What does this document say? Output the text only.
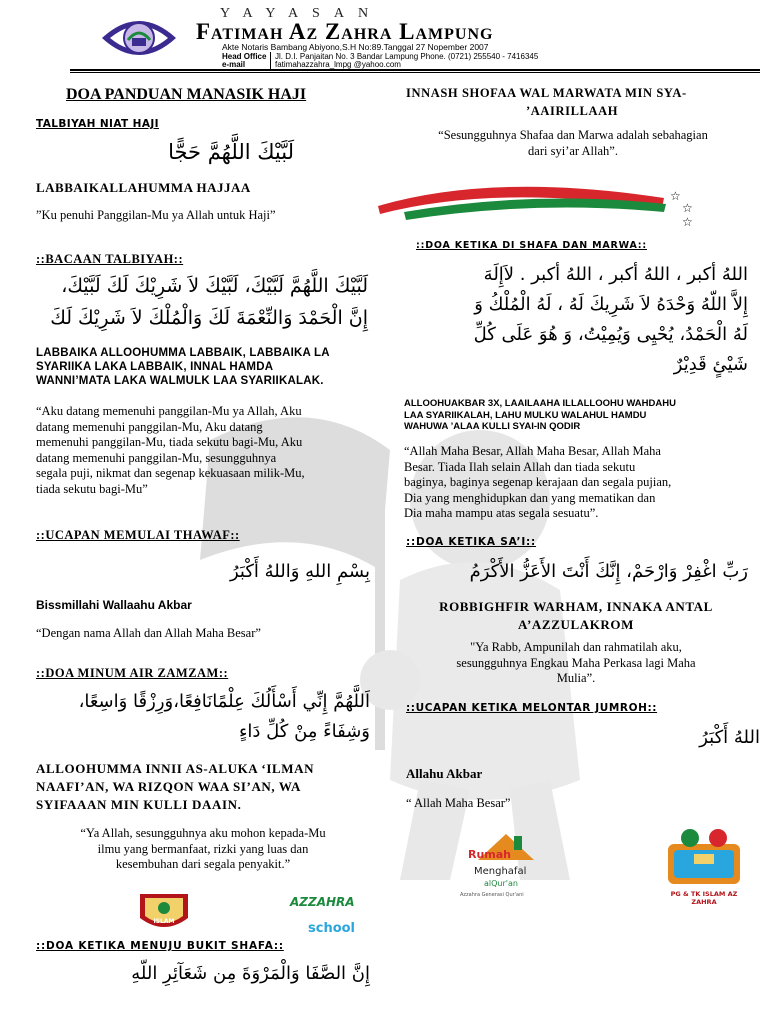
YAYASAN
Fatimah Az Zahra Lampung
Akte Notaris Bambang Abiyono,S.H No:89.Tanggal 27 Nopember 2007
Head Office Jl. D.I. Panjaitan No. 3 Bandar Lampung Phone. (0721) 255540 - 7416345
e-mail	fatimahazzahra_lmpg @yahoo.com
DOA PANDUAN MANASIK HAJI
TALBIYAH NIAT HAJI
لَبَّيْكَ اللَّهُمَّ حَجًّا
LABBAIKALLAHUMMA HAJJAA
”Ku penuhi Panggilan-Mu ya Allah untuk Haji”
::BACAAN TALBIYAH::
لَبَّيْكَ اللَّهُمَّ لَبَّيْكَ، لَبَّيْكَ لاَ شَرِيْكَ لَكَ لَبَّيْكَ،
إِنَّ الْحَمْدَ وَالنِّعْمَةَ لَكَ وَالْمُلْكَ لاَ شَرِيْكَ لَكَ
LABBAIKA ALLOOHUMMA LABBAIK, LABBAIKA LA
SYARIIKA LAKA LABBAIK, INNAL HAMDA
WANNI’MATA LAKA WALMULK LAA SYARIIKALAK.
“Aku datang memenuhi panggilan-Mu ya Allah, Aku
datang memenuhi panggilan-Mu, Aku datang
memenuhi panggilan-Mu, tiada sekutu bagi-Mu, Aku
datang memenuhi panggilan-Mu, sesungguhnya
segala puji, nikmat dan segenap kekuasaan milik-Mu,
tiada sekutu bagi-Mu”
::UCAPAN MEMULAI THAWAF::
بِسْمِ اللهِ وَاللهُ أَكْبَرُ
Bissmillahi Wallaahu Akbar
“Dengan nama Allah dan Allah Maha Besar”
::DOA MINUM AIR ZAMZAM::
اَللَّهُمَّ إِنِّي أَسْأَلُكَ عِلْمًانَافِعًا،وَرِزْقًا وَاسِعًا،
وَشِفَاءً مِنْ كُلِّ دَاءٍ
ALLOOHUMMA INNII AS-ALUKA ‘ILMAN
NAAFI’AN, WA RIZQON WAA SI’AN, WA
SYIFAAAN MIN KULLI DAAIN.
“Ya Allah, sesungguhnya aku mohon kepada-Mu
ilmu yang bermanfaat, rizki yang luas dan
kesembuhan dari segala penyakit.”
ISLAM
AZZAHRA
school
::DOA KETIKA MENUJU BUKIT SHAFA::
إِنَّ الصَّفَا وَالْمَرْوَةَ مِن شَعَآئِرِ اللّهِ
INNASH SHOFAA WAL MARWATA MIN SYA-
’AAIRILLAAH
“Sesungguhnya Shafaa dan Marwa adalah sebahagian
dari syi’ar Allah”.
☆
☆
☆
::DOA KETIKA DI SHAFA DAN MARWA::
اللهُ أكبر ، اللهُ أكبر ، اللهُ أكبر . لاَإِلَهَ
إِلاَّ اللّهُ وَحْدَهُ لاَ شَرِيكَ لَهُ ، لَهُ الْمُلْكُ وَ
لَهُ الْحَمْدُ، يُحْيِى وَيُمِيْتُ، وَ هُوَ عَلَى كُلِّ
شَيْئٍ قَدِيْرٌ
ALLOOHUAKBAR 3X, LAAILAAHA ILLALLOOHU WAHDAHU
LAA SYARIIKALAH, LAHU MULKU WALAHUL HAMDU
WAHUWA ’ALAA KULLI SYAI-IN QODIR
“Allah Maha Besar, Allah Maha Besar, Allah Maha
Besar. Tiada Ilah selain Allah dan tiada sekutu
baginya, baginya segenap kerajaan dan segala pujian,
Dia yang menghidupkan dan yang mematikan dan
Dia maha mampu atas segala sesuatu”.
::DOA KETIKA SA’I::
رَبِّ اغْفِرْ وَارْحَمْ، إِنَّكَ أَنْتَ الأَعَزُّ الأَكْرَمُ
ROBBIGHFIR WARHAM, INNAKA ANTAL
A’AZZULAKROM
"Ya Rabb, Ampunilah dan rahmatilah aku,
sesungguhnya Engkau Maha Perkasa lagi Maha
Mulia”.
::UCAPAN KETIKA MELONTAR JUMROH::
اللهُ أَكْبَرُ
Allahu Akbar
“ Allah Maha Besar”
Rumah
Menghafal
alQur'an
Azzahra Generasi Qur'ani	PG & TK ISLAM AZ ZAHRA
